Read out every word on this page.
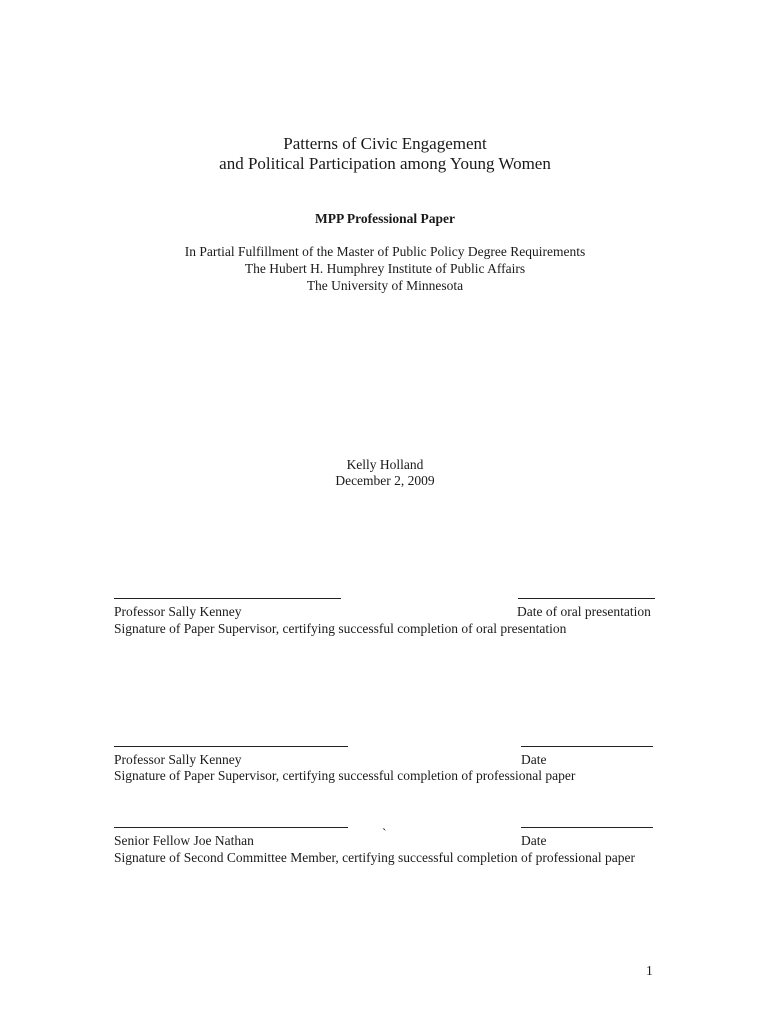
Patterns of Civic Engagement
and Political Participation among Young Women
MPP Professional Paper
In Partial Fulfillment of the Master of Public Policy Degree Requirements
The Hubert H. Humphrey Institute of Public Affairs
The University of Minnesota
Kelly Holland
December 2, 2009
Professor Sally Kenney	Date of oral presentation
Signature of Paper Supervisor, certifying successful completion of oral presentation
Professor Sally Kenney	Date
Signature of Paper Supervisor, certifying successful completion of professional paper
Senior Fellow Joe Nathan	`	Date
Signature of Second Committee Member, certifying successful completion of professional paper
1
